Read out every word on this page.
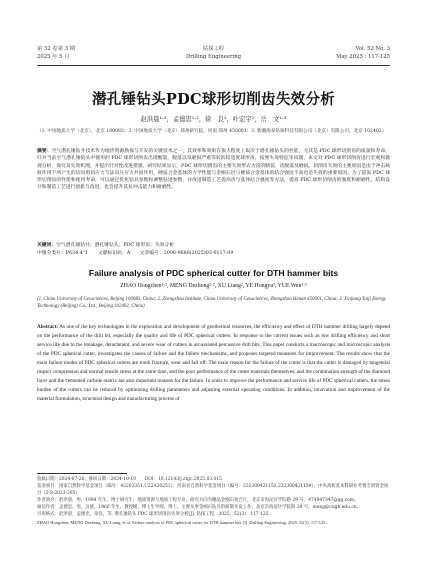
第 52 卷第 3 期
2025 年 5 月
钻探工程
Drilling Engineering
Vol. 52 No. 3
May 2025 : 117-125
潜孔锤钻头PDC球形切削齿失效分析
赵洪晨¹·²，孟德忠¹·²，徐　良²，叶宏宇²，岳　文¹·³
（1. 中国地质大学（北京），北京 100083；2. 中国地质大学（北京）郑州研究院，河南 郑州 450001；3. 新疆海泰钻探科技有限公司（北京）有限公司，北京 102402）
摘要：空气潜孔锤钻井技术作为地热资源勘探与开发的关键技术之一，其效率和效果在很大程度上取决于潜孔锤钻头的性能，尤其是 PDC 球形切削齿的质量和寿命。针对当前空气潜孔锤钻头中使用的 PDC 球形切削齿出现断裂、脱落以及磨损严重等较的较适度球形齿，按照失效特征等问题，本文对 PDC 球形切削齿进行宏观和微观分析，探究其失效机理，并提出针对性改进措施。研究结果显示，PDC 球形切削齿的主要失效形式为齿的断裂、齿脱落及磨损。切削齿失效的主要原因是由于冲击载荷作用下所产生的切向剪切应力与法向压应力共同作用，硬质合金基体的力学性能与金刚石层与硬质合金基体的结合强度不高也是失效的重要原因。为了提高 PDC 球形切削齿的性能和使用寿命，可以通过优化钻具参数和调整钻进参数，并改进制造工艺提高齿与基体结合强度等方法，提高 PDC 球形切削齿的强度和耐磨性。结构设计和制造工艺进行创新与改进，也会提升其抗冲击能力和耐磨性。
关键词：空气潜孔锤钻井；潜孔锤钻头；PDC 球形齿；失效分析
中图分类号：P634.4⁺1　　文献标识码：A　　文章编号：2096-9686(2025)03-0117-09
Failure analysis of PDC spherical cutter for DTH hammer bits
ZHAO Hongchen¹·², MENG Dezhong¹·², XU Liang², YE Hongyu², YUE Wen¹·³
(1. China University of Geosciences, Beijing 100083, China; 2. Zhengzhou Institute, China University of Geosciences, Zhengzhou Henan 450001, China; 3. Xinjiang Taiji Energy Technology (Beijing) Co., Ltd., Beijing 102402, China)
Abstract: As one of the key technologies in the exploration and development of geothermal resources, the efficiency and effect of DTH hammer drilling largely depend on the performance of the drill bit, especially the quality and life of PDC spherical cutters. In response to the current issues such as low drilling efficiency and short service life due to the breakage, detachment, and severe wear of cutters in air-assisted percussive drill bits. This paper conducts a macroscopic and microscopic analysis of the PDC spherical cutter, investigates the causes of failure and the failure mechanisms, and proposes targeted measures for improvement. The results show that the main failure modes of PDC spherical cutters are tooth fracture, wear and fall off. The main reason for the failure of the cutter is that the cutter is damaged by tangential impact compression and normal tensile stress at the same time, and the poor performance of the cutter materials themselves, and the combination strength of the diamond layer and the cemented carbide matrix are also important reasons for the failure. In order to improve the performance and service life of PDC spherical cutters, the stress burden of the cutters can be reduced by optimizing drilling parameters and adjusting external operating conditions. In addition, innovation and improvement of the material formulation, structural design and manufacturing process of
收稿日期：2024-07-26；修回日期：2024-10-10　　DOI：10.12143/j.ztgc.2025.03.015
基金项目：国家自然科学基金项目（编号：42202351,U22A20251）；河南省自然科学基金项目（编号：232300421152,232300421159）；中央高校基本科研业务费专项资金项目（2-9-2023-205）
作者简介：赵洪晨，男，1994 年生，博士研究生，地质资源与地质工程专业，研究方向为聚晶金刚石复合片，北京市海淀区学院路 29 号，474947347@qq.com。
通信作者：孟德忠，男，汉族，1966 年生，教授级，博士生导师，博士，主要从事金刚石钻具的研制开发工作，北京市海淀区学院路 29 号，meng@cugb.edu.cn。
引用格式：赵洪晨，孟德忠，徐良，等. 潜孔锤钻头 PDC 球形切削齿失效分析[J]. 钻探工程，2025，52(3)：117-125.
ZHAO Hongchen, MENG Dezhong, XU Liang, et al. Failure analysis of PDC spherical cutter for DTH hammer bits [J]. Drilling Engineering, 2025, 52(3): 117-125.
